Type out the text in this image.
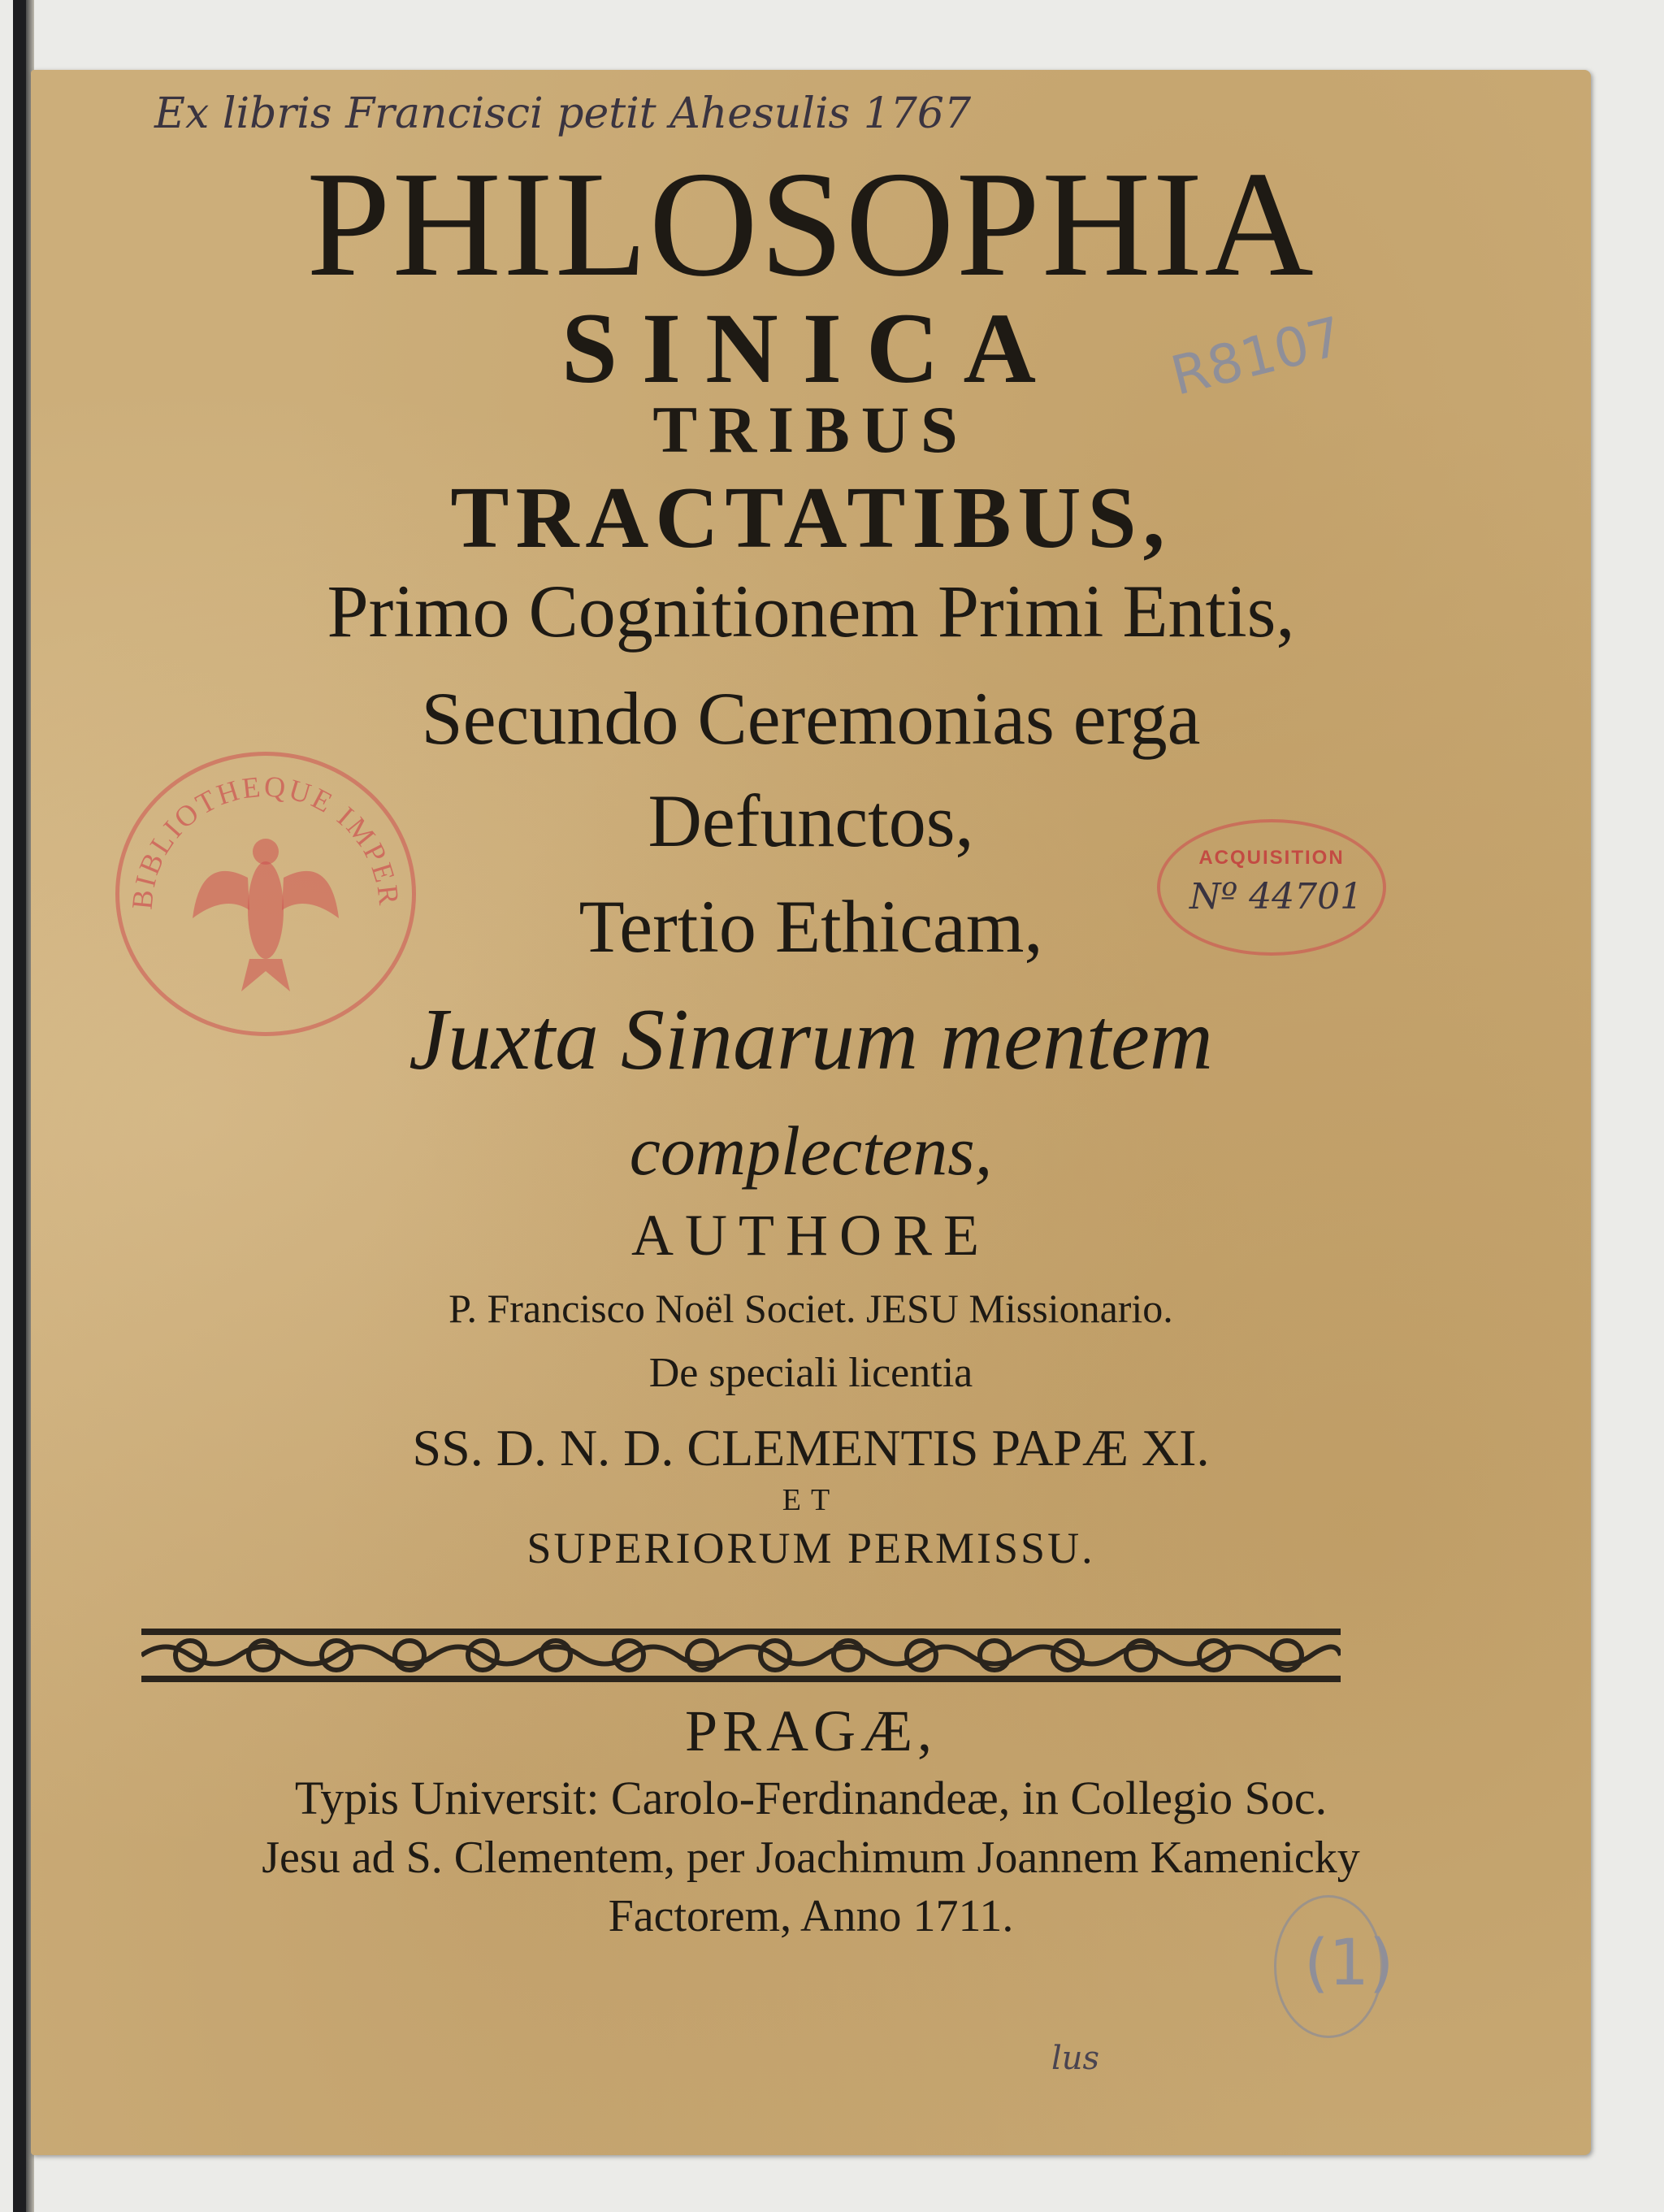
Ex libris Francisci petit Ahesulis 1767
R8107

PHILOSOPHIA

SINICA

TRIBUS

TRACTATIBUS,

Primo Cognitionem Primi Entis,

Secundo Ceremonias erga

Defunctos,

Tertio Ethicam,

Juxta Sinarum mentem

complectens,

AUTHORE

P. Francisco Noël Societ. JESU Missionario.

De speciali licentia

SS. D. N. D. CLEMENTIS PAPÆ XI.

ET

SUPERIORUM PERMISSU.

PRAGÆ,

Typis Universit: Carolo-Ferdinandeæ, in Collegio Soc.

Jesu ad S. Clementem, per Joachimum Joannem Kamenicky

Factorem, Anno 1711.

BIBLIOTHEQUE IMPER
ACQUISITION
Nº 44701
(1)
lus
